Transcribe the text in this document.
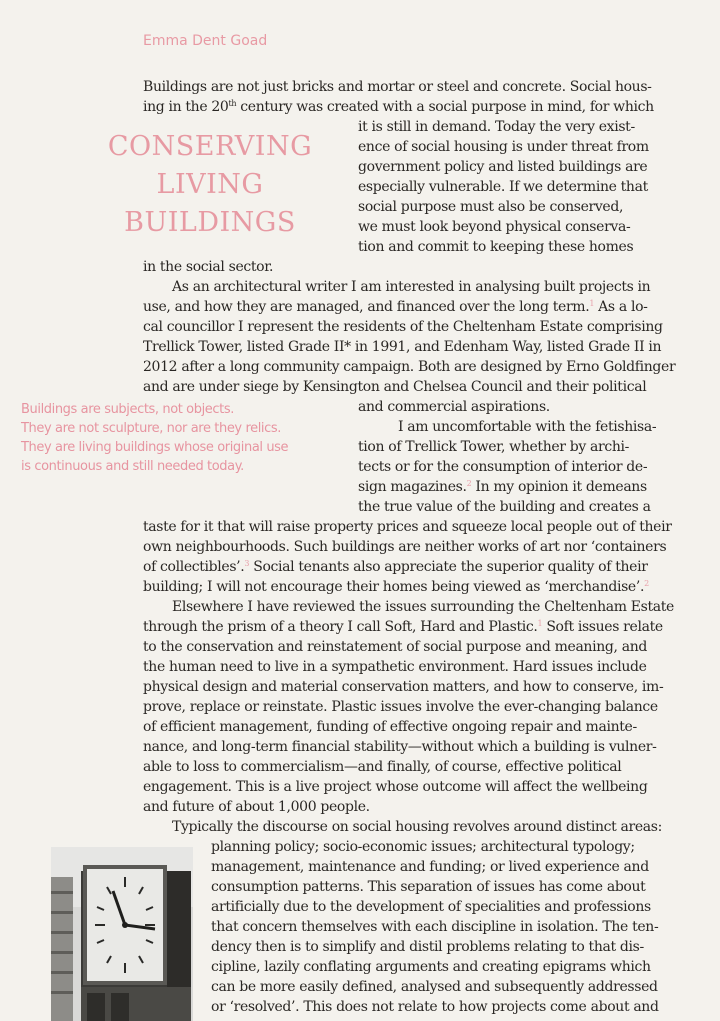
Emma Dent Goad
CONSERVING
LIVING
BUILDINGS
Buildings are subjects, not objects.
They are not sculpture, nor are they relics.
They are living buildings whose original use
is continuous and still needed today.
Buildings are not just bricks and mortar or steel and concrete. Social hous-
ing in the 20th century was created with a social purpose in mind, for which
it is still in demand. Today the very exist-
ence of social housing is under threat from
government policy and listed buildings are
especially vulnerable. If we determine that
social purpose must also be conserved,
we must look beyond physical conserva-
tion and commit to keeping these homes
in the social sector.
As an architectural writer I am interested in analysing built projects in
use, and how they are managed, and financed over the long term.$^1$ As a lo-
cal councillor I represent the residents of the Cheltenham Estate comprising
Trellick Tower, listed Grade II* in 1991, and Edenham Way, listed Grade II in
2012 after a long community campaign. Both are designed by Erno Goldfinger
and are under siege by Kensington and Chelsea Council and their political
and commercial aspirations.
I am uncomfortable with the fetishisa-
tion of Trellick Tower, whether by archi-
tects or for the consumption of interior de-
sign magazines.$^2$ In my opinion it demeans
the true value of the building and creates a
taste for it that will raise property prices and squeeze local people out of their
own neighbourhoods. Such buildings are neither works of art nor ‘containers
of collectibles’.$^3$ Social tenants also appreciate the superior quality of their
building; I will not encourage their homes being viewed as ‘merchandise’.$^2$
Elsewhere I have reviewed the issues surrounding the Cheltenham Estate
through the prism of a theory I call Soft, Hard and Plastic.$^1$ Soft issues relate
to the conservation and reinstatement of social purpose and meaning, and
the human need to live in a sympathetic environment. Hard issues include
physical design and material conservation matters, and how to conserve, im-
prove, replace or reinstate. Plastic issues involve the ever-changing balance
of efficient management, funding of effective ongoing repair and mainte-
nance, and long-term financial stability—without which a building is vulner-
able to loss to commercialism—and finally, of course, effective political
engagement. This is a live project whose outcome will affect the wellbeing
and future of about 1,000 people.
Typically the discourse on social housing revolves around distinct areas:
planning policy; socio-economic issues; architectural typology;
management, maintenance and funding; or lived experience and
consumption patterns. This separation of issues has come about
artificially due to the development of specialities and professions
that concern themselves with each discipline in isolation. The ten-
dency then is to simplify and distil problems relating to that dis-
cipline, lazily conflating arguments and creating epigrams which
can be more easily defined, analysed and subsequently addressed
or ‘resolved’. This does not relate to how projects come about and
